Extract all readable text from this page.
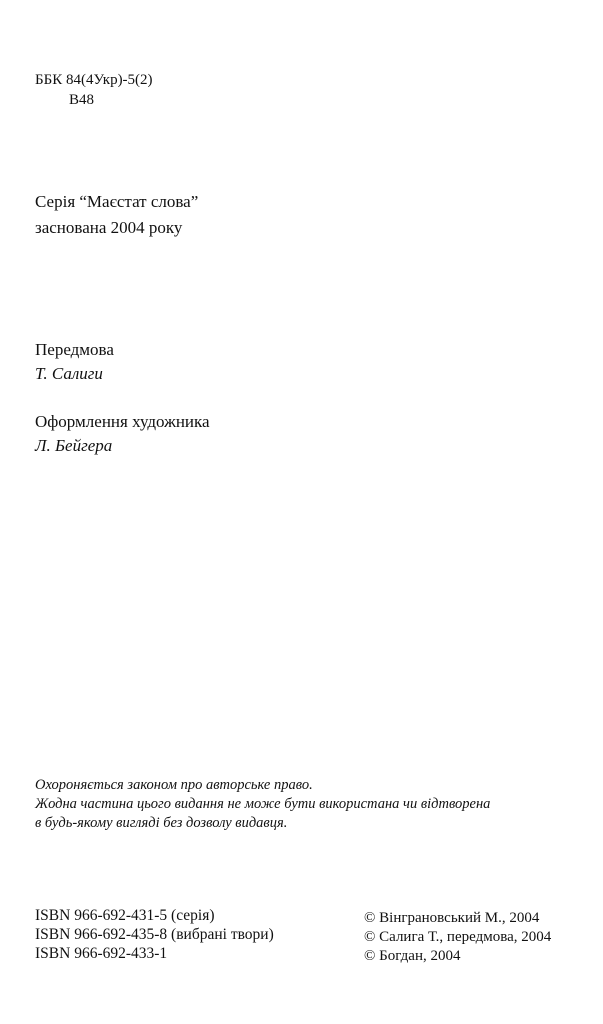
ББК 84(4Укр)-5(2)
В48
Серія “Маєстат слова”
заснована 2004 року
Передмова
Т. Салиги
Оформлення художника
Л. Бейгера
Охороняється законом про авторське право.
Жодна частина цього видання не може бути використана чи відтворена
в будь-якому вигляді без дозволу видавця.
ISBN 966-692-431-5 (серія)
ISBN 966-692-435-8 (вибрані твори)
ISBN 966-692-433-1
© Вінграновський М., 2004
© Салига Т., передмова, 2004
© Богдан, 2004
